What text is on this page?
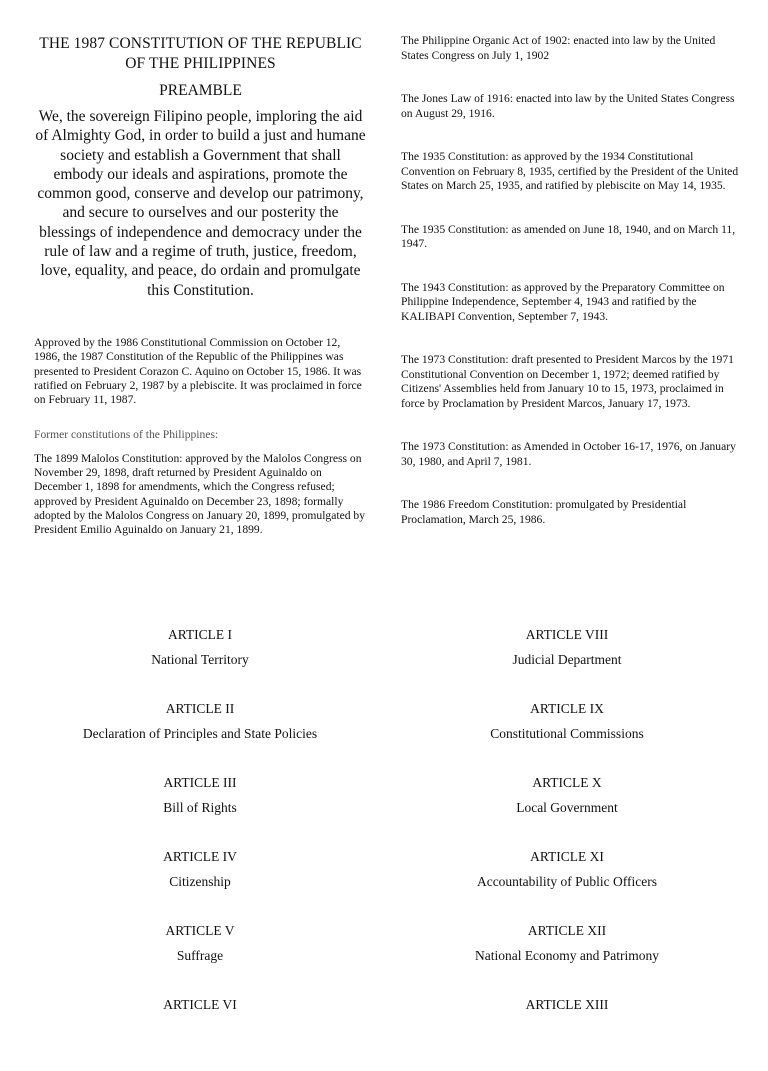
THE 1987 CONSTITUTION OF THE REPUBLIC OF THE PHILIPPINES
PREAMBLE

We, the sovereign Filipino people, imploring the aid of Almighty God, in order to build a just and humane society and establish a Government that shall embody our ideals and aspirations, promote the common good, conserve and develop our patrimony, and secure to ourselves and our posterity the blessings of independence and democracy under the rule of law and a regime of truth, justice, freedom, love, equality, and peace, do ordain and promulgate this Constitution.

Approved by the 1986 Constitutional Commission on October 12, 1986, the 1987 Constitution of the Republic of the Philippines was presented to President Corazon C. Aquino on October 15, 1986. It was ratified on February 2, 1987 by a plebiscite. It was proclaimed in force on February 11, 1987.

Former constitutions of the Philippines:

The 1899 Malolos Constitution: approved by the Malolos Congress on November 29, 1898, draft returned by President Aguinaldo on December 1, 1898 for amendments, which the Congress refused; approved by President Aguinaldo on December 23, 1898; formally adopted by the Malolos Congress on January 20, 1899, promulgated by President Emilio Aguinaldo on January 21, 1899.

The Philippine Organic Act of 1902: enacted into law by the United States Congress on July 1, 1902

The Jones Law of 1916: enacted into law by the United States Congress on August 29, 1916.

The 1935 Constitution: as approved by the 1934 Constitutional Convention on February 8, 1935, certified by the President of the United States on March 25, 1935, and ratified by plebiscite on May 14, 1935.

The 1935 Constitution: as amended on June 18, 1940, and on March 11, 1947.

The 1943 Constitution: as approved by the Preparatory Committee on Philippine Independence, September 4, 1943 and ratified by the KALIBAPI Convention, September 7, 1943.

The 1973 Constitution: draft presented to President Marcos by the 1971 Constitutional Convention on December 1, 1972; deemed ratified by Citizens' Assemblies held from January 10 to 15, 1973, proclaimed in force by Proclamation by President Marcos, January 17, 1973.

The 1973 Constitution: as Amended in October 16-17, 1976, on January 30, 1980, and April 7, 1981.

The 1986 Freedom Constitution: promulgated by Presidential Proclamation, March 25, 1986.

ARTICLE I
National Territory
ARTICLE VIII
Judicial Department
ARTICLE II
Declaration of Principles and State Policies
ARTICLE IX
Constitutional Commissions
ARTICLE III
Bill of Rights
ARTICLE X
Local Government
ARTICLE IV
Citizenship
ARTICLE XI
Accountability of Public Officers
ARTICLE V
Suffrage
ARTICLE XII
National Economy and Patrimony
ARTICLE VI	ARTICLE XIII
